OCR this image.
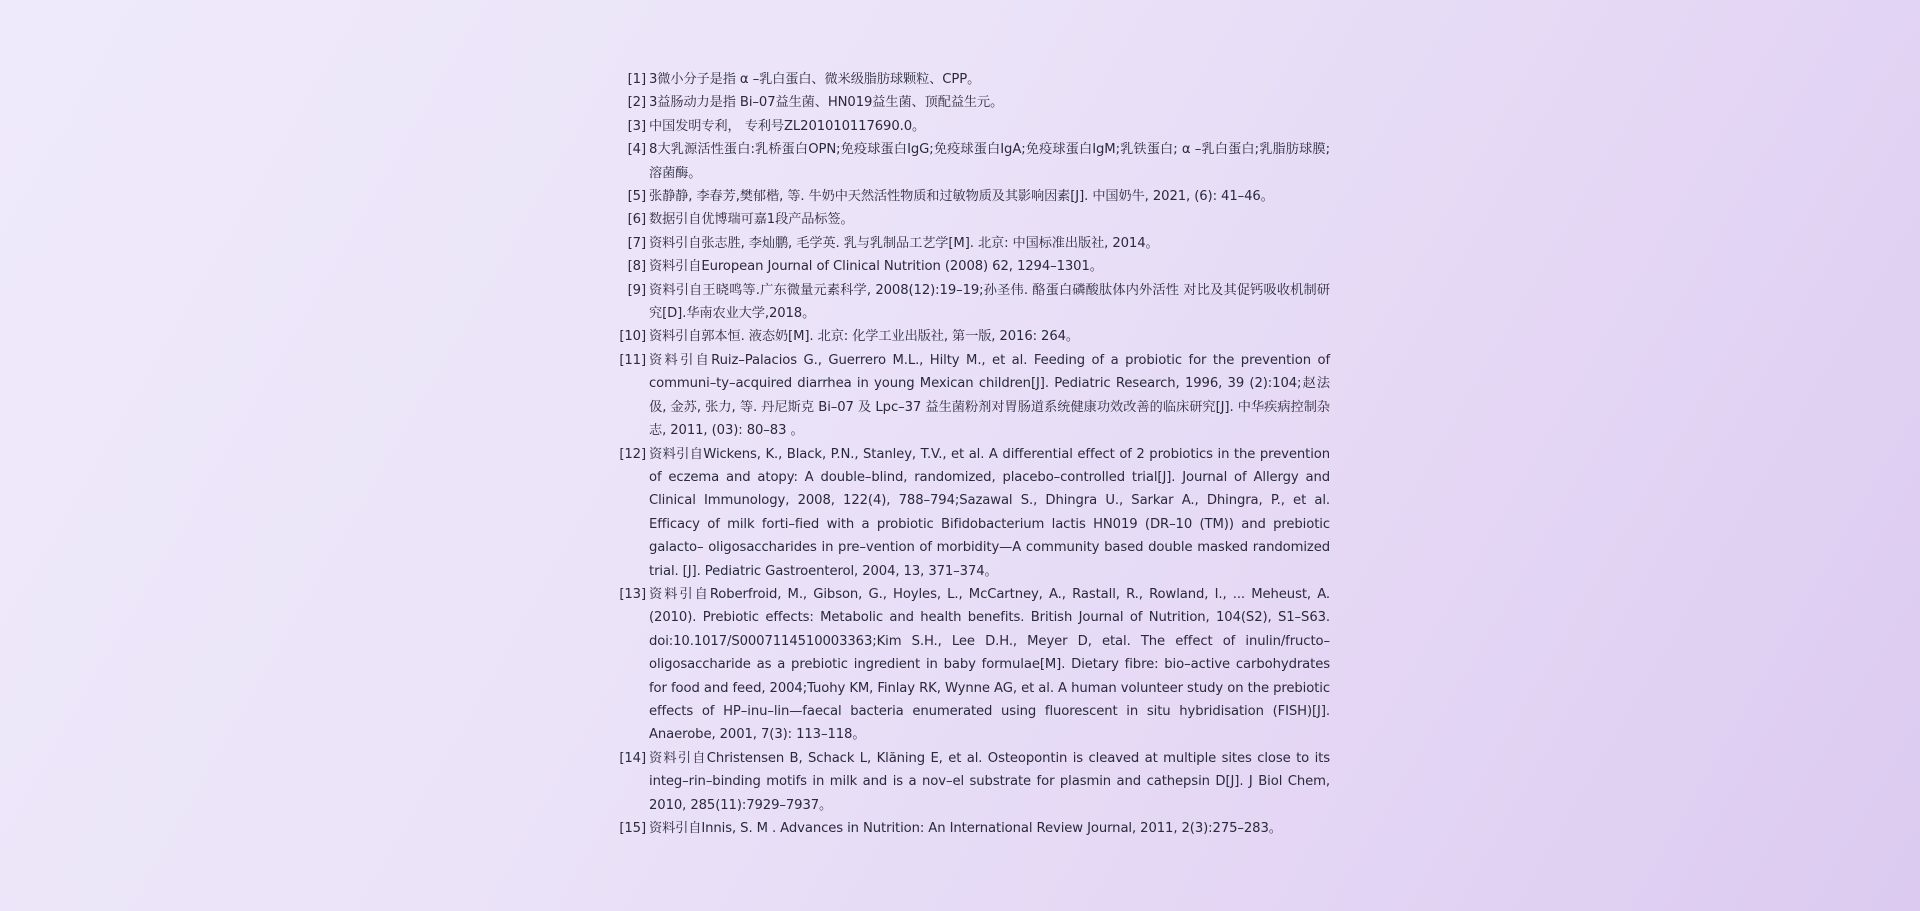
[1] 3微小分子是指 α –乳白蛋白、微米级脂肪球颗粒、CPP。
[2] 3益肠动力是指 Bi–07益生菌、HN019益生菌、顶配益生元。
[3] 中国发明专利， 专利号ZL201010117690.0。
[4] 8大乳源活性蛋白:乳桥蛋白OPN;免疫球蛋白IgG;免疫球蛋白IgA;免疫球蛋白IgM;乳铁蛋白; α –乳白蛋白;乳脂肪球膜;溶菌酶。
[5] 张静静, 李春芳,樊郁楷, 等. 牛奶中天然活性物质和过敏物质及其影响因素[J]. 中国奶牛, 2021, (6): 41–46。
[6] 数据引自优博瑞可嘉1段产品标签。
[7] 资料引自张志胜, 李灿鹏, 毛学英. 乳与乳制品工艺学[M]. 北京: 中国标准出版社, 2014。
[8] 资料引自European Journal of Clinical Nutrition (2008) 62, 1294–1301。
[9] 资料引自王晓鸣等.广东微量元素科学, 2008(12):19–19;孙圣伟. 酪蛋白磷酸肽体内外活性 对比及其促钙吸收机制研究[D].华南农业大学,2018。
[10] 资料引自郭本恒. 液态奶[M]. 北京: 化学工业出版社, 第一版, 2016: 264。
[11] 资料引自Ruiz–Palacios G., Guerrero M.L., Hilty M., et al. Feeding of a probiotic for the prevention of communi–ty–acquired diarrhea in young Mexican children[J]. Pediatric Research, 1996, 39 (2):104;赵法伋, 金苏, 张力, 等. 丹尼斯克 Bi–07 及 Lpc–37 益生菌粉剂对胃肠道系统健康功效改善的临床研究[J]. 中华疾病控制杂志, 2011, (03): 80–83 。
[12] 资料引自Wickens, K., Black, P.N., Stanley, T.V., et al. A differential effect of 2 probiotics in the prevention of eczema and atopy: A double–blind, randomized, placebo–controlled trial[J]. Journal of Allergy and Clinical Immunology, 2008, 122(4), 788–794;Sazawal S., Dhingra U., Sarkar A., Dhingra, P., et al. Efficacy of milk forti–fied with a probiotic Bifidobacterium lactis HN019 (DR–10 (TM)) and prebiotic galacto– oligosaccharides in pre–vention of morbidity—A community based double masked randomized trial. [J]. Pediatric Gastroenterol, 2004, 13, 371–374。
[13] 资料引自Roberfroid, M., Gibson, G., Hoyles, L., McCartney, A., Rastall, R., Rowland, I., ... Meheust, A. (2010). Prebiotic effects: Metabolic and health benefits. British Journal of Nutrition, 104(S2), S1–S63. doi:10.1017/S0007114510003363;Kim S.H., Lee D.H., Meyer D, etal. The effect of inulin/fructo–oligosaccharide as a prebiotic ingredient in baby formulae[M]. Dietary fibre: bio–active carbohydrates for food and feed, 2004;Tuohy KM, Finlay RK, Wynne AG, et al. A human volunteer study on the prebiotic effects of HP–inu–lin—faecal bacteria enumerated using fluorescent in situ hybridisation (FISH)[J]. Anaerobe, 2001, 7(3): 113–118。
[14] 资料引自Christensen B, Schack L, Klăning E, et al. Osteopontin is cleaved at multiple sites close to its integ–rin–binding motifs in milk and is a nov–el substrate for plasmin and cathepsin D[J]. J Biol Chem, 2010, 285(11):7929–7937。
[15] 资料引自Innis, S. M . Advances in Nutrition: An International Review Journal, 2011, 2(3):275–283。
